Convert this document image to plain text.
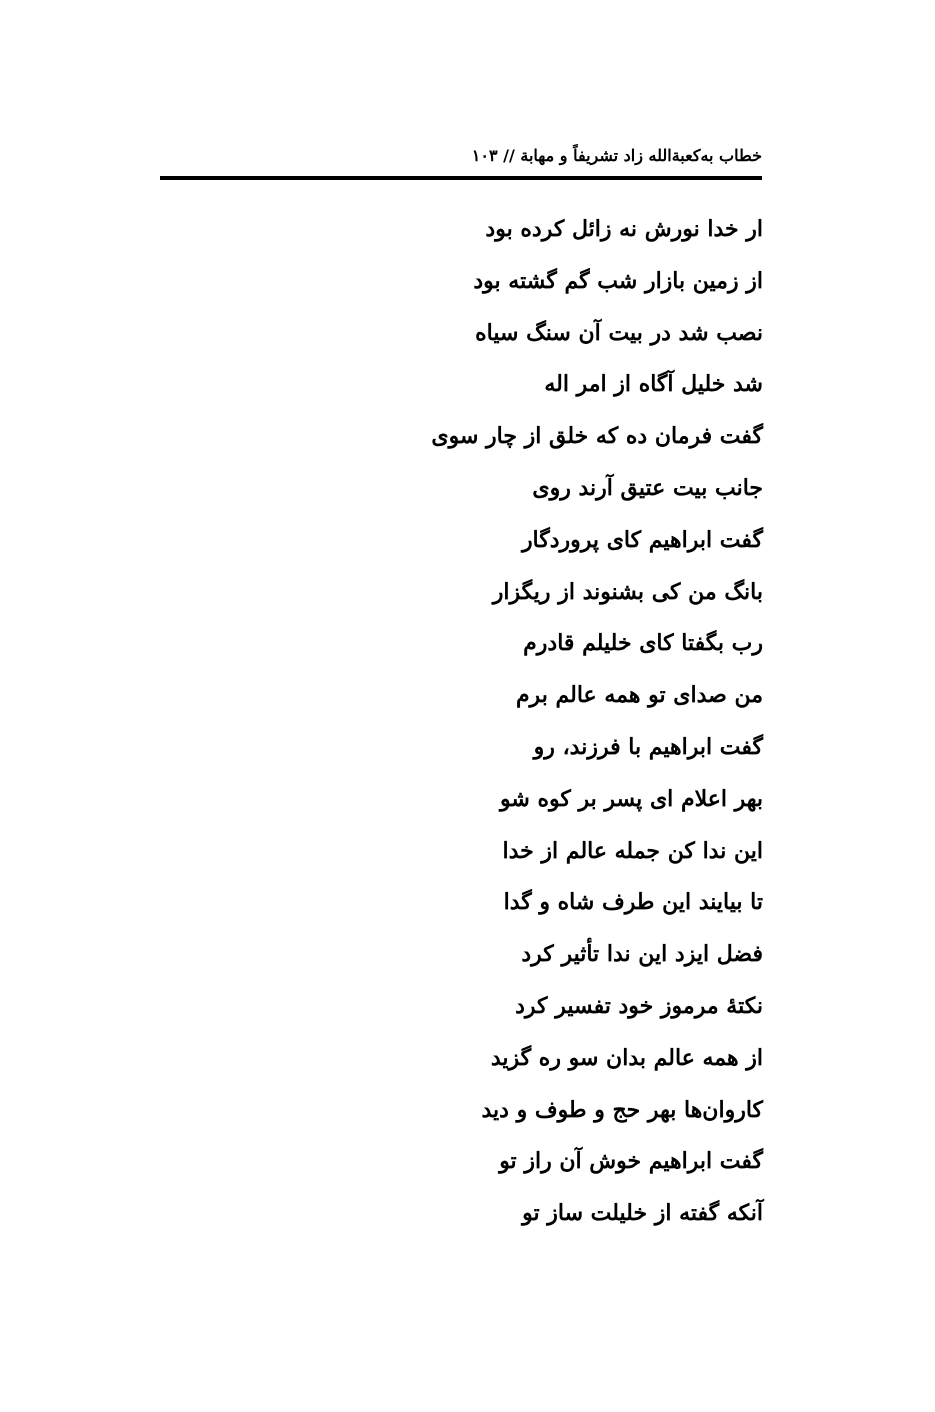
خطاب به‌کعبة‌الله زاد تشریفاً و مهابة // ۱۰۳
ار خدا نورش نه زائل کرده بود
از زمین بازار شب گم گشته بود
نصب شد در بیت آن سنگ سیاه
شد خلیل آگاه از امر اله
گفت فرمان ده که خلق از چار سوی
جانب بیت عتیق آرند روی
گفت ابراهیم کای پروردگار
بانگ من کی بشنوند از ریگزار
رب بگفتا کای خلیلم قادرم
من صدای تو همه عالم برم
گفت ابراهیم با فرزند، رو
بهر اعلام ای پسر بر کوه شو
این ندا کن جمله عالم از خدا
تا بیایند این طرف شاه و گدا
فضل ایزد این ندا تأثیر کرد
نکتهٔ مرموز خود تفسیر کرد
از همه عالم بدان سو ره گزید
کاروان‌ها بهر حج و طوف و دید
گفت ابراهیم خوش آن راز تو
آنکه گفته از خلیلت ساز تو
